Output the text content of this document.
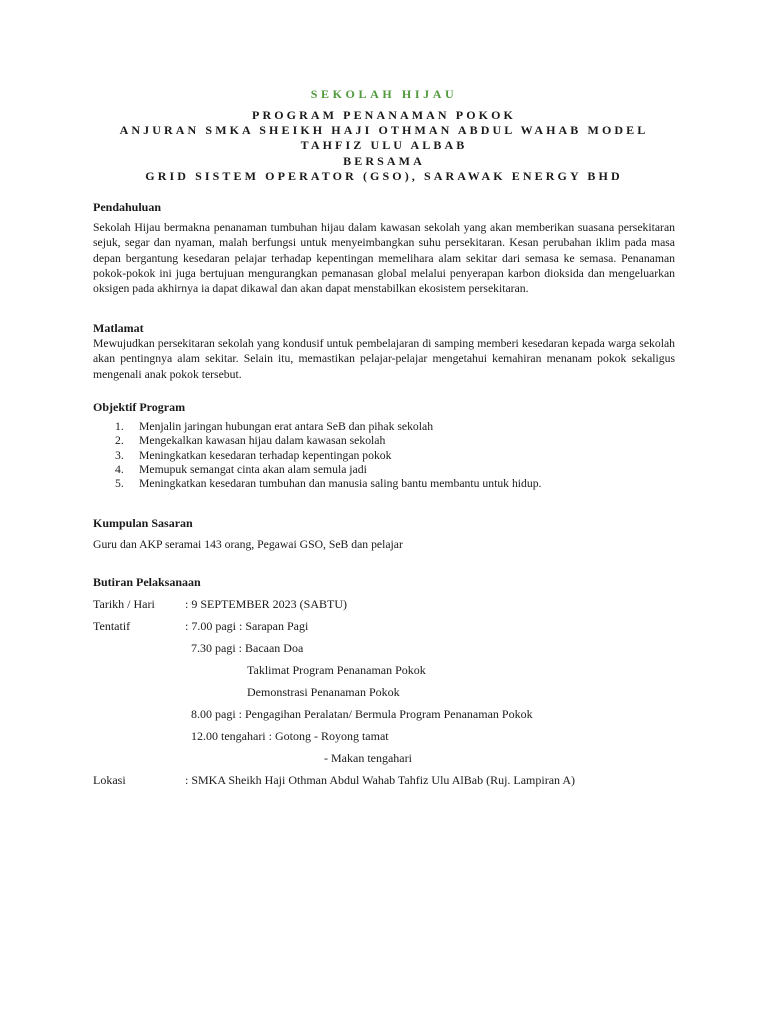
SEKOLAH HIJAU
PROGRAM PENANAMAN POKOK
ANJURAN SMKA SHEIKH HAJI OTHMAN ABDUL WAHAB MODEL
TAHFIZ ULU ALBAB
BERSAMA
GRID SISTEM OPERATOR (GSO), SARAWAK ENERGY BHD
Pendahuluan

Sekolah Hijau bermakna penanaman tumbuhan hijau dalam kawasan sekolah yang akan memberikan suasana persekitaran sejuk, segar dan nyaman, malah berfungsi untuk menyeimbangkan suhu persekitaran. Kesan perubahan iklim pada masa depan bergantung kesedaran pelajar terhadap kepentingan memelihara alam sekitar dari semasa ke semasa. Penanaman pokok-pokok ini juga bertujuan mengurangkan pemanasan global melalui penyerapan karbon dioksida dan mengeluarkan oksigen pada akhirnya ia dapat dikawal dan akan dapat menstabilkan ekosistem persekitaran.

Matlamat

Mewujudkan persekitaran sekolah yang kondusif untuk pembelajaran di samping memberi kesedaran kepada warga sekolah akan pentingnya alam sekitar. Selain itu, memastikan pelajar-pelajar mengetahui kemahiran menanam pokok sekaligus mengenali anak pokok tersebut.

Objektif Program
1.	Menjalin jaringan hubungan erat antara SeB dan pihak sekolah
2.	Mengekalkan kawasan hijau dalam kawasan sekolah
3.	Meningkatkan kesedaran terhadap kepentingan pokok
4.	Memupuk semangat cinta akan alam semula jadi
5.	Meningkatkan kesedaran tumbuhan dan manusia saling bantu membantu untuk hidup.
Kumpulan Sasaran

Guru dan AKP seramai 143 orang, Pegawai GSO, SeB dan pelajar

Butiran Pelaksanaan
Tarikh / Hari	: 9 SEPTEMBER 2023 (SABTU)
Tentatif	: 7.00 pagi : Sarapan Pagi
7.30 pagi : Bacaan Doa
Taklimat Program Penanaman Pokok
Demonstrasi Penanaman Pokok
8.00 pagi : Pengagihan Peralatan/ Bermula Program Penanaman Pokok
12.00 tengahari : Gotong - Royong tamat
- Makan tengahari
Lokasi	: SMKA Sheikh Haji Othman Abdul Wahab Tahfiz Ulu AlBab (Ruj. Lampiran A)
